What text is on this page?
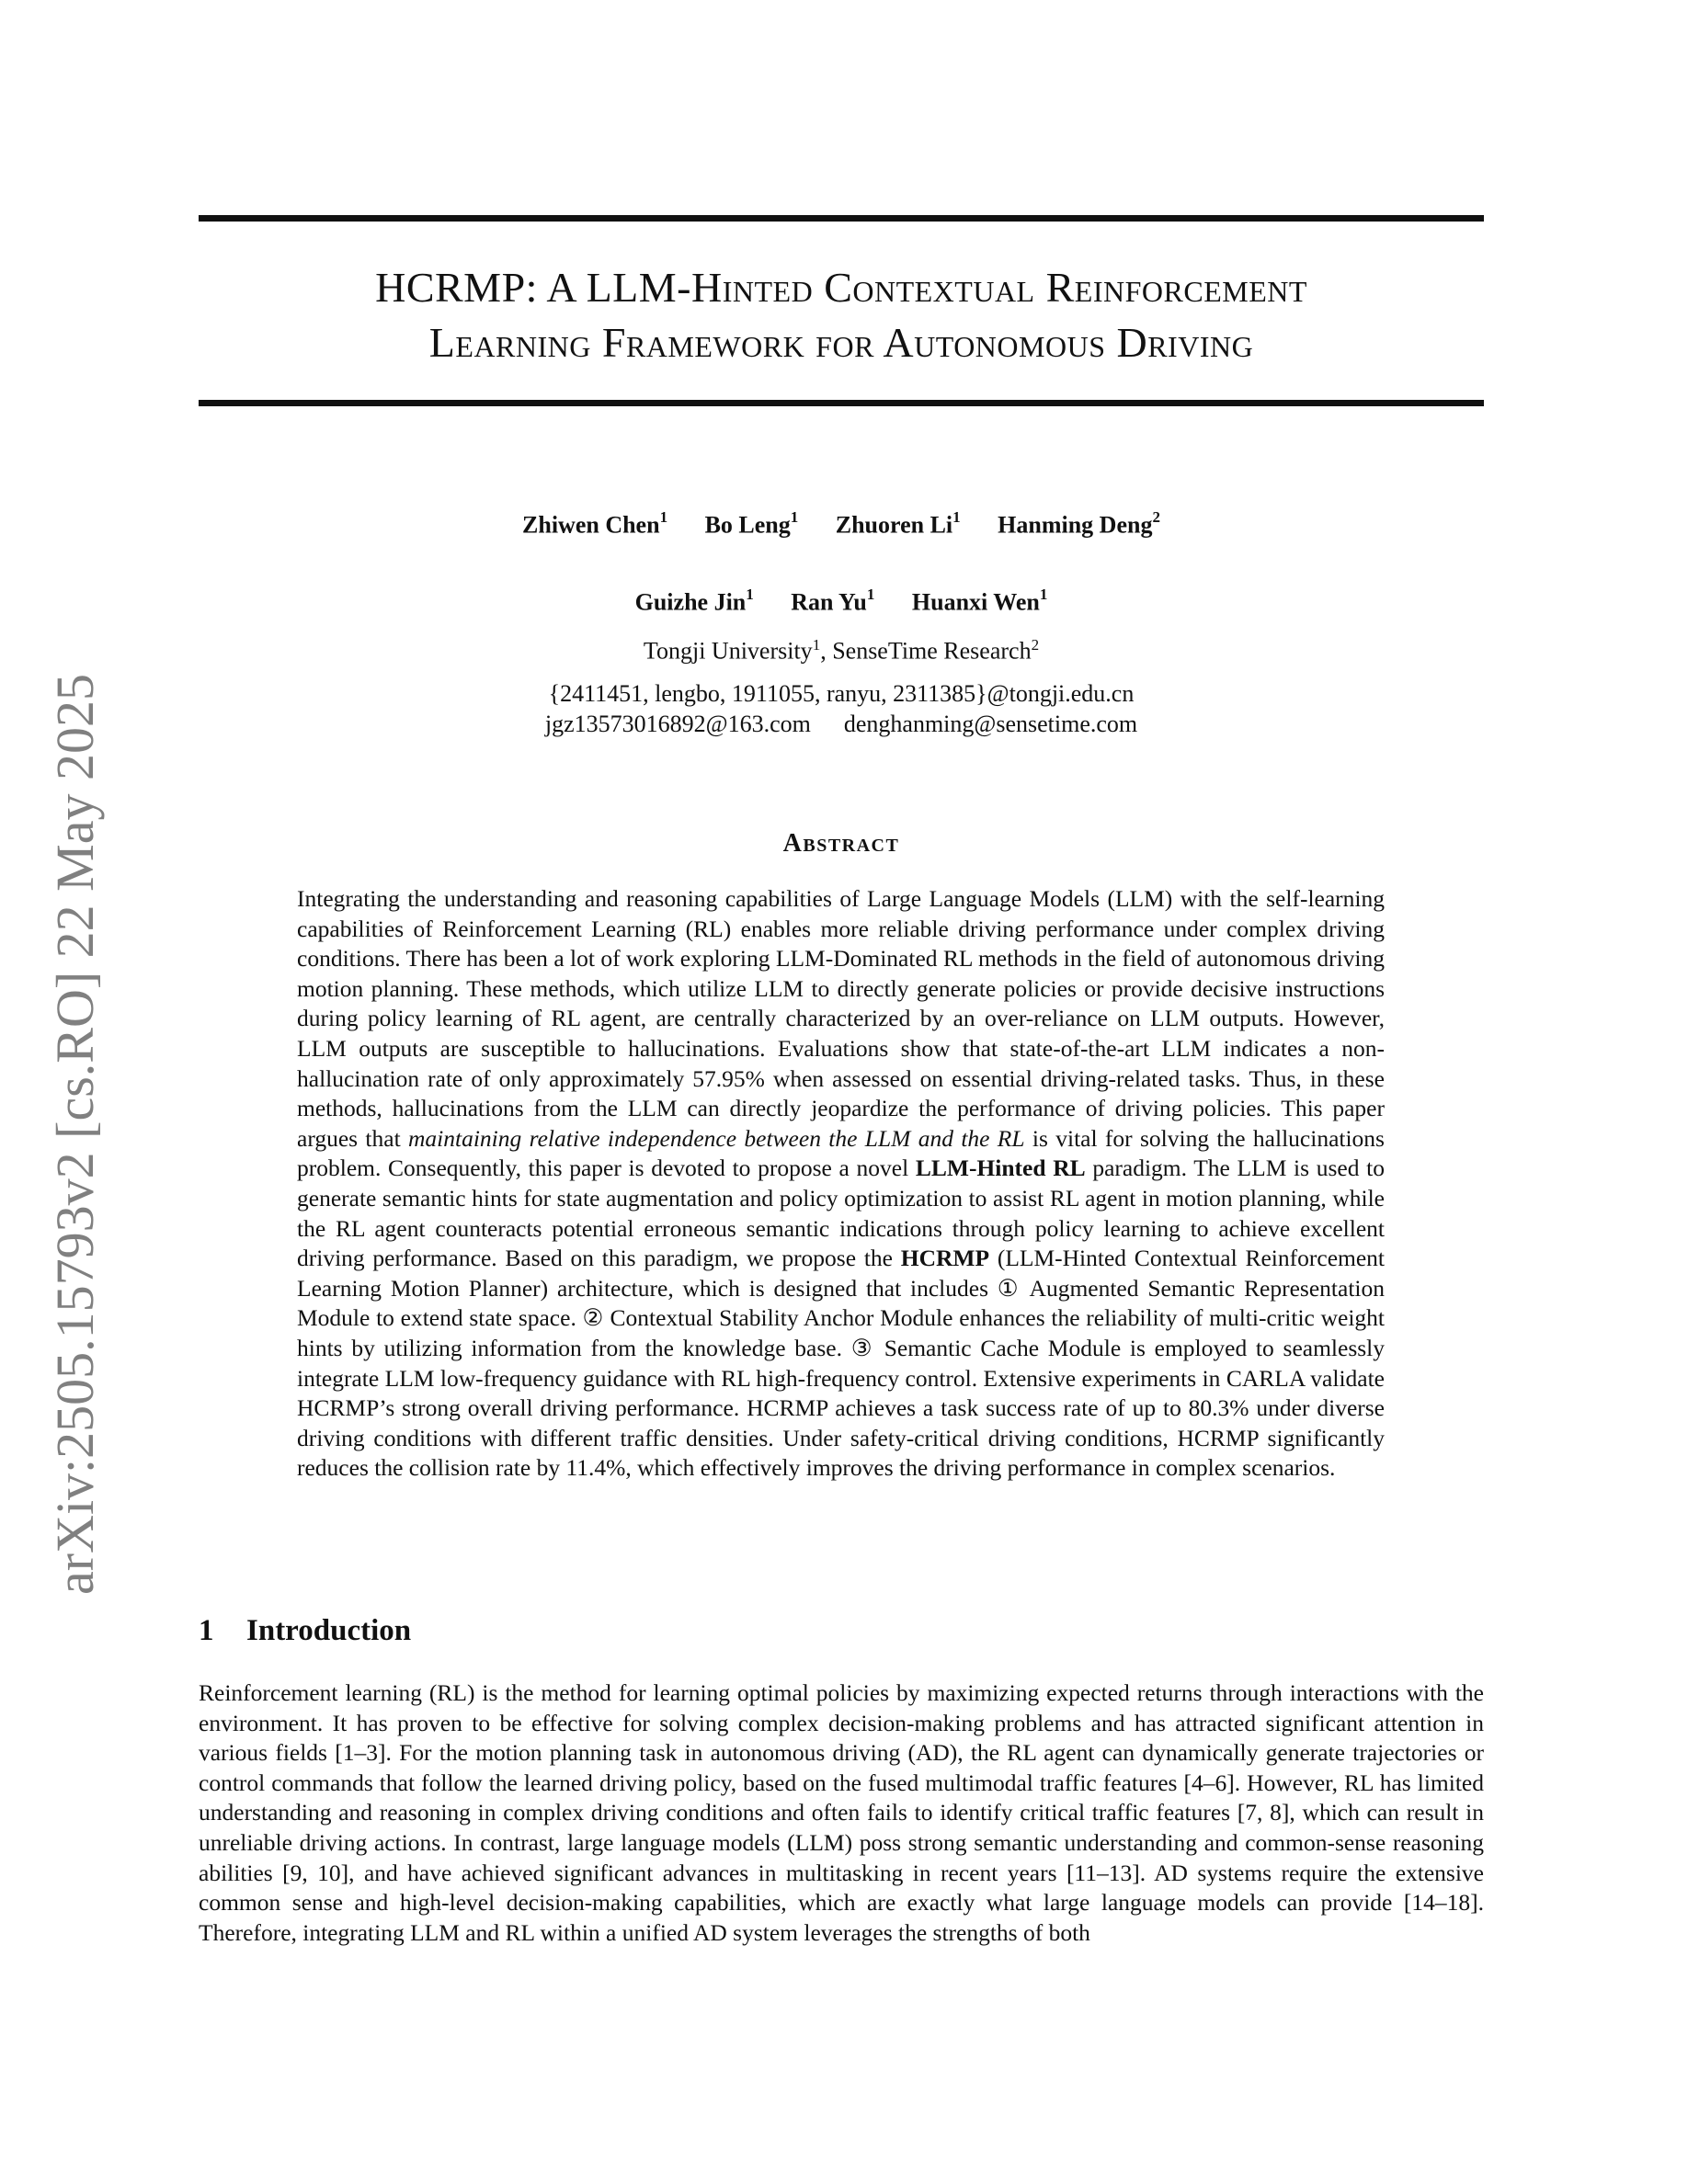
arXiv:2505.15793v2 [cs.RO] 22 May 2025
HCRMP: A LLM-Hinted Contextual Reinforcement
Learning Framework for Autonomous Driving
Zhiwen Chen$^1$ Bo Leng$^1$ Zhuoren Li$^1$ Hanming Deng$^2$
Guizhe Jin$^1$ Ran Yu$^1$ Huanxi Wen$^1$
Tongji University$^1$, SenseTime Research$^2$
{2411451, lengbo, 1911055, ranyu, 2311385}@tongji.edu.cn
jgz13573016892@163.com denghanming@sensetime.com
Abstract
Integrating the understanding and reasoning capabilities of Large Language Models (LLM) with the self-learning capabilities of Reinforcement Learning (RL) enables more reliable driving performance under complex driving conditions. There has been a lot of work exploring LLM-Dominated RL methods in the field of autonomous driving motion planning. These methods, which utilize LLM to directly generate policies or provide decisive instructions during policy learning of RL agent, are centrally characterized by an over-reliance on LLM outputs. However, LLM outputs are susceptible to hallucinations. Evaluations show that state-of-the-art LLM indicates a non-hallucination rate of only approximately 57.95% when assessed on essential driving-related tasks. Thus, in these methods, hallucinations from the LLM can directly jeopardize the performance of driving policies. This paper argues that maintaining relative independence between the LLM and the RL is vital for solving the hallucinations problem. Consequently, this paper is devoted to propose a novel LLM-Hinted RL paradigm. The LLM is used to generate semantic hints for state augmentation and policy optimization to assist RL agent in motion planning, while the RL agent counteracts potential erroneous semantic indications through policy learning to achieve excellent driving performance. Based on this paradigm, we propose the HCRMP (LLM-Hinted Contextual Reinforcement Learning Motion Planner) architecture, which is designed that includes ① Augmented Semantic Representation Module to extend state space. ② Contextual Stability Anchor Module enhances the reliability of multi-critic weight hints by utilizing information from the knowledge base. ③ Semantic Cache Module is employed to seamlessly integrate LLM low-frequency guidance with RL high-frequency control. Extensive experiments in CARLA validate HCRMP’s strong overall driving performance. HCRMP achieves a task success rate of up to 80.3% under diverse driving conditions with different traffic densities. Under safety-critical driving conditions, HCRMP significantly reduces the collision rate by 11.4%, which effectively improves the driving performance in complex scenarios.
1 Introduction
Reinforcement learning (RL) is the method for learning optimal policies by maximizing expected returns through interactions with the environment. It has proven to be effective for solving complex decision-making problems and has attracted significant attention in various fields [1–3]. For the motion planning task in autonomous driving (AD), the RL agent can dynamically generate trajectories or control commands that follow the learned driving policy, based on the fused multimodal traffic features [4–6]. However, RL has limited understanding and reasoning in complex driving conditions and often fails to identify critical traffic features [7, 8], which can result in unreliable driving actions. In contrast, large language models (LLM) poss strong semantic understanding and common-sense reasoning abilities [9, 10], and have achieved significant advances in multitasking in recent years [11–13]. AD systems require the extensive common sense and high-level decision-making capabilities, which are exactly what large language models can provide [14–18]. Therefore, integrating LLM and RL within a unified AD system leverages the strengths of both
